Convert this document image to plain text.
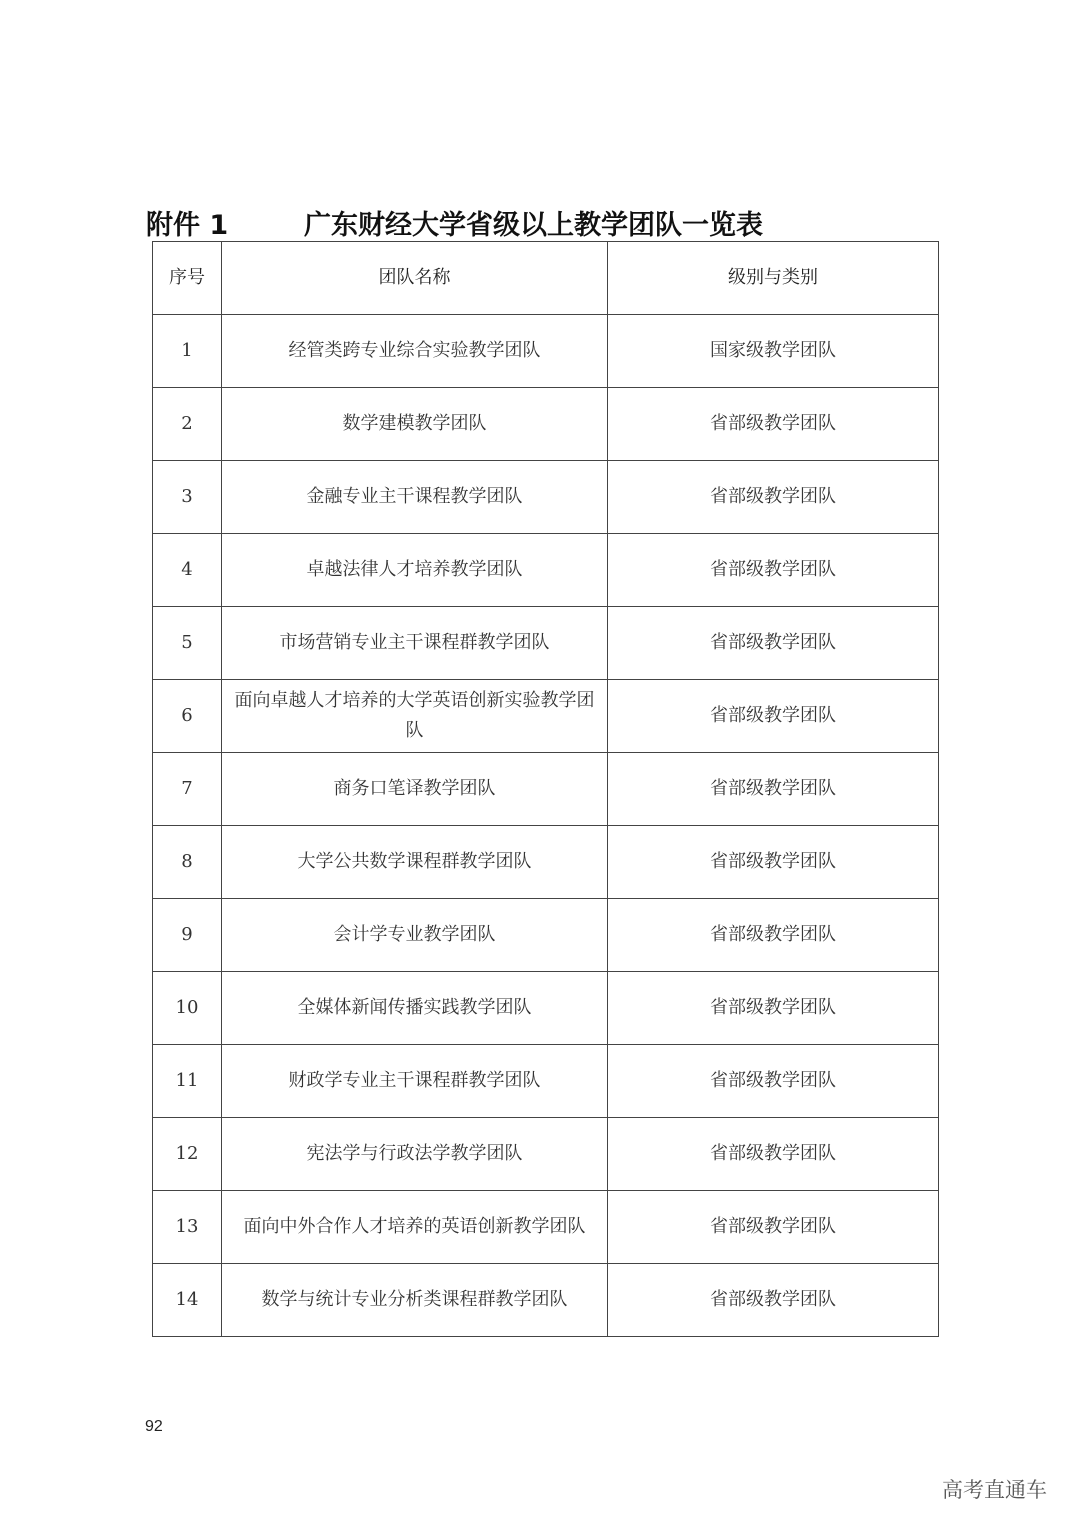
附件 1	广东财经大学省级以上教学团队一览表
序号	团队名称	级别与类别
1	经管类跨专业综合实验教学团队	国家级教学团队
2	数学建模教学团队	省部级教学团队
3	金融专业主干课程教学团队	省部级教学团队
4	卓越法律人才培养教学团队	省部级教学团队
5	市场营销专业主干课程群教学团队	省部级教学团队
6	面向卓越人才培养的大学英语创新实验教学团队	省部级教学团队
7	商务口笔译教学团队	省部级教学团队
8	大学公共数学课程群教学团队	省部级教学团队
9	会计学专业教学团队	省部级教学团队
10	全媒体新闻传播实践教学团队	省部级教学团队
11	财政学专业主干课程群教学团队	省部级教学团队
12	宪法学与行政法学教学团队	省部级教学团队
13	面向中外合作人才培养的英语创新教学团队	省部级教学团队
14	数学与统计专业分析类课程群教学团队	省部级教学团队
92
高考直通车
